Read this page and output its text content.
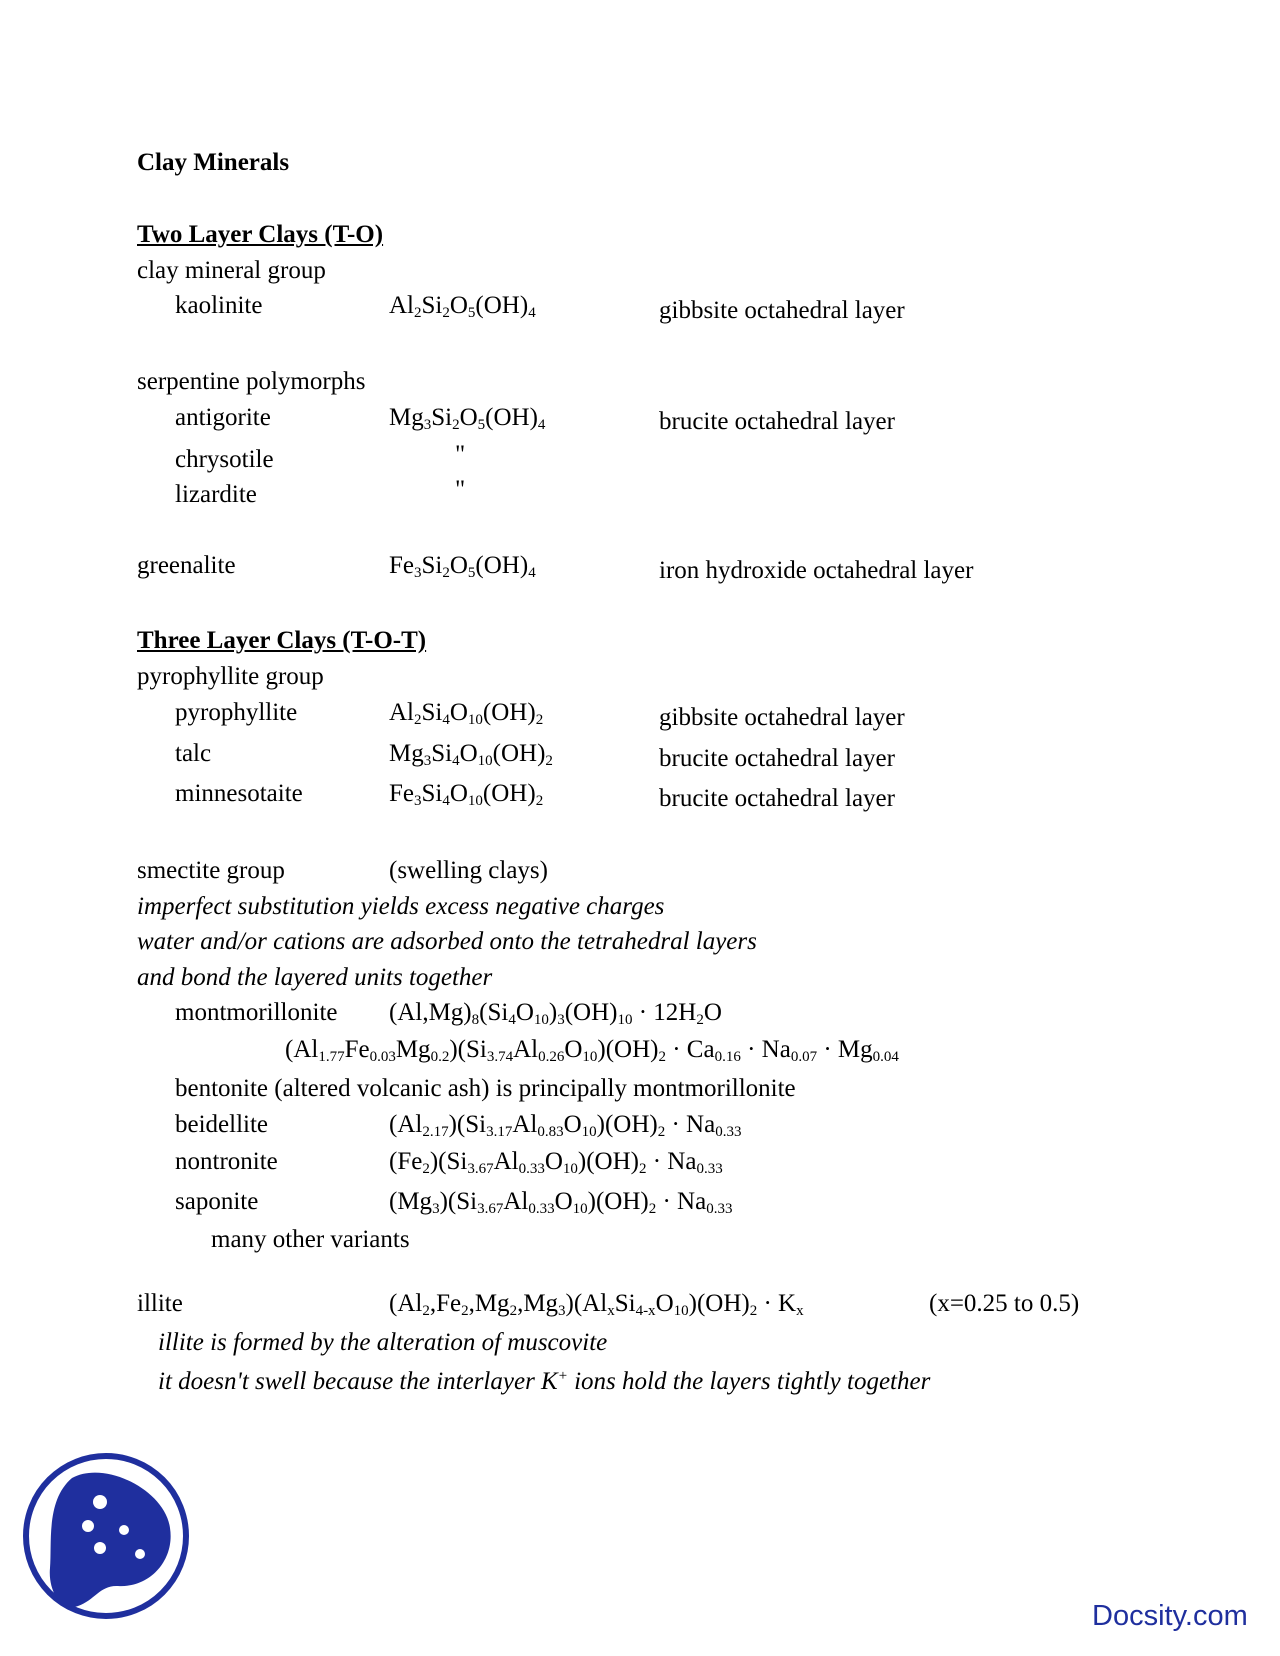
Clay Minerals
Two Layer Clays (T-O)
clay mineral group
kaolinite	$Al_2Si_2O_5(OH)_4$	gibbsite octahedral layer
serpentine polymorphs
antigorite	$Mg_3Si_2O_5(OH)_4$	brucite octahedral layer
chrysotile	"
lizardite	"
greenalite	$Fe_3Si_2O_5(OH)_4$	iron hydroxide octahedral layer
Three Layer Clays (T-O-T)
pyrophyllite group
pyrophyllite	$Al_2Si_4O_{10}(OH)_2$	gibbsite octahedral layer
talc	$Mg_3Si_4O_{10}(OH)_2$	brucite octahedral layer
minnesotaite	$Fe_3Si_4O_{10}(OH)_2$	brucite octahedral layer
smectite group	(swelling clays)
imperfect substitution yields excess negative charges
water and/or cations are adsorbed onto the tetrahedral layers
and bond the layered units together
montmorillonite $(Al,Mg)_8(Si_4O_{10})_3(OH)_{10} \cdot 12H_2O$
$(Al_{1.77}Fe_{0.03}Mg_{0.2})(Si_{3.74}Al_{0.26}O_{10})(OH)_2 \cdot Ca_{0.16} \cdot Na_{0.07} \cdot Mg_{0.04}$
bentonite (altered volcanic ash) is principally montmorillonite
beidellite	$(Al_{2.17})(Si_{3.17}Al_{0.83}O_{10})(OH)_2 \cdot Na_{0.33}$
nontronite	$(Fe_2)(Si_{3.67}Al_{0.33}O_{10})(OH)_2 \cdot Na_{0.33}$
saponite	$(Mg_3)(Si_{3.67}Al_{0.33}O_{10})(OH)_2 \cdot Na_{0.33}$
many other variants
illite	$(Al_2,Fe_2,Mg_2,Mg_3)(Al_xSi_{4-x}O_{10})(OH)_2 \cdot K_x$	(x=0.25 to 0.5)
illite is formed by the alteration of muscovite
it doesn't swell because the interlayer K+ ions hold the layers tightly together
Docsity.com
